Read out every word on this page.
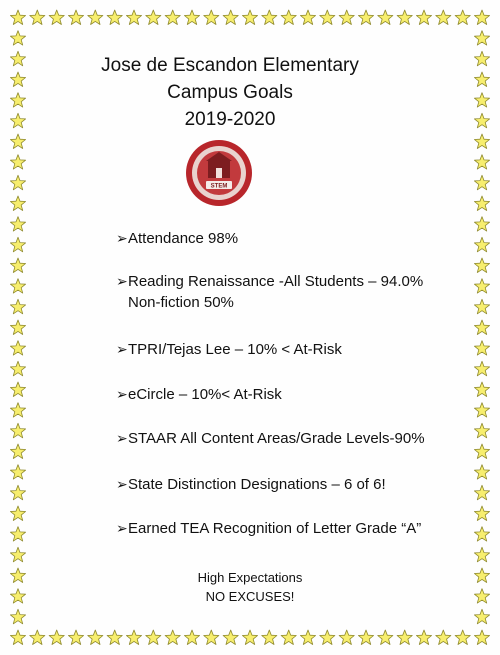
Jose de Escandon Elementary
Campus Goals
2019-2020
STEM
➢Attendance 98%
➢Reading Renaissance -All Students – 94.0%
Non-fiction 50%
➢TPRI/Tejas Lee – 10% < At-Risk
➢eCircle – 10%< At-Risk
➢STAAR All Content Areas/Grade Levels-90%
➢State Distinction Designations – 6 of 6!
➢Earned TEA Recognition of Letter Grade “A”
High Expectations
NO EXCUSES!
